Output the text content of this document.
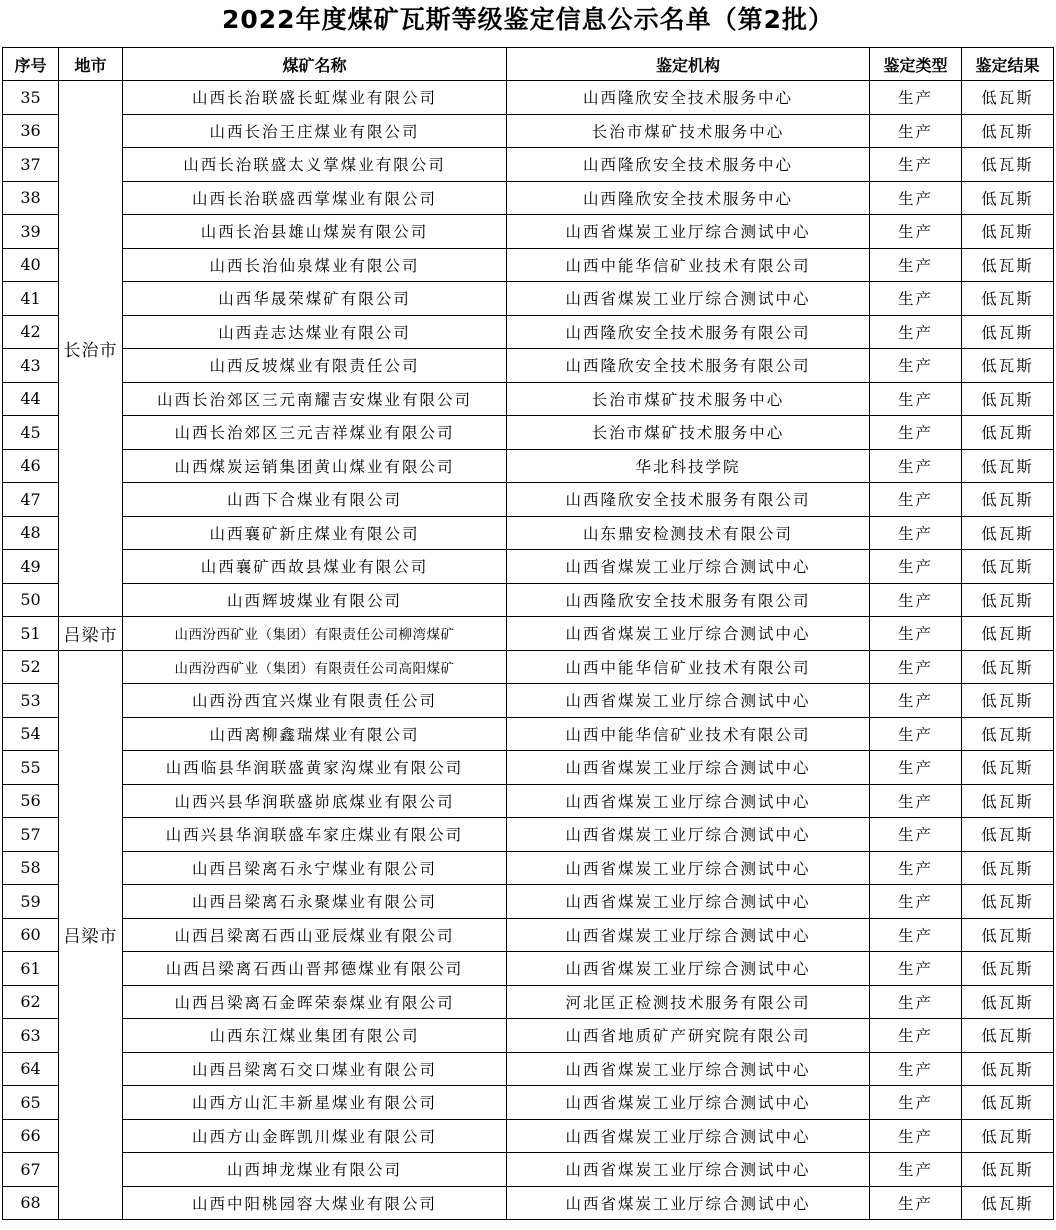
2022年度煤矿瓦斯等级鉴定信息公示名单（第2批）
序号	地市	煤矿名称	鉴定机构	鉴定类型	鉴定结果
35	长治市	山西长治联盛长虹煤业有限公司	山西隆欣安全技术服务中心	生产	低瓦斯
36		山西长治王庄煤业有限公司	长治市煤矿技术服务中心	生产	低瓦斯
37		山西长治联盛太义掌煤业有限公司	山西隆欣安全技术服务中心	生产	低瓦斯
38		山西长治联盛西掌煤业有限公司	山西隆欣安全技术服务中心	生产	低瓦斯
39		山西长治县雄山煤炭有限公司	山西省煤炭工业厅综合测试中心	生产	低瓦斯
40		山西长治仙泉煤业有限公司	山西中能华信矿业技术有限公司	生产	低瓦斯
41		山西华晟荣煤矿有限公司	山西省煤炭工业厅综合测试中心	生产	低瓦斯
42		山西垚志达煤业有限公司	山西隆欣安全技术服务有限公司	生产	低瓦斯
43		山西反坡煤业有限责任公司	山西隆欣安全技术服务有限公司	生产	低瓦斯
44		山西长治郊区三元南耀吉安煤业有限公司	长治市煤矿技术服务中心	生产	低瓦斯
45		山西长治郊区三元吉祥煤业有限公司	长治市煤矿技术服务中心	生产	低瓦斯
46		山西煤炭运销集团黄山煤业有限公司	华北科技学院	生产	低瓦斯
47		山西下合煤业有限公司	山西隆欣安全技术服务有限公司	生产	低瓦斯
48		山西襄矿新庄煤业有限公司	山东鼎安检测技术有限公司	生产	低瓦斯
49		山西襄矿西故县煤业有限公司	山西省煤炭工业厅综合测试中心	生产	低瓦斯
50		山西辉坡煤业有限公司	山西隆欣安全技术服务有限公司	生产	低瓦斯
51	吕梁市	山西汾西矿业（集团）有限责任公司柳湾煤矿	山西省煤炭工业厅综合测试中心	生产	低瓦斯
52	吕梁市	山西汾西矿业（集团）有限责任公司高阳煤矿	山西中能华信矿业技术有限公司	生产	低瓦斯
53		山西汾西宜兴煤业有限责任公司	山西省煤炭工业厅综合测试中心	生产	低瓦斯
54		山西离柳鑫瑞煤业有限公司	山西中能华信矿业技术有限公司	生产	低瓦斯
55		山西临县华润联盛黄家沟煤业有限公司	山西省煤炭工业厅综合测试中心	生产	低瓦斯
56		山西兴县华润联盛峁底煤业有限公司	山西省煤炭工业厅综合测试中心	生产	低瓦斯
57		山西兴县华润联盛车家庄煤业有限公司	山西省煤炭工业厅综合测试中心	生产	低瓦斯
58		山西吕梁离石永宁煤业有限公司	山西省煤炭工业厅综合测试中心	生产	低瓦斯
59		山西吕梁离石永聚煤业有限公司	山西省煤炭工业厅综合测试中心	生产	低瓦斯
60		山西吕梁离石西山亚辰煤业有限公司	山西省煤炭工业厅综合测试中心	生产	低瓦斯
61		山西吕梁离石西山晋邦德煤业有限公司	山西省煤炭工业厅综合测试中心	生产	低瓦斯
62		山西吕梁离石金晖荣泰煤业有限公司	河北匡正检测技术服务有限公司	生产	低瓦斯
63		山西东江煤业集团有限公司	山西省地质矿产研究院有限公司	生产	低瓦斯
64		山西吕梁离石交口煤业有限公司	山西省煤炭工业厅综合测试中心	生产	低瓦斯
65		山西方山汇丰新星煤业有限公司	山西省煤炭工业厅综合测试中心	生产	低瓦斯
66		山西方山金晖凯川煤业有限公司	山西省煤炭工业厅综合测试中心	生产	低瓦斯
67		山西坤龙煤业有限公司	山西省煤炭工业厅综合测试中心	生产	低瓦斯
68		山西中阳桃园容大煤业有限公司	山西省煤炭工业厅综合测试中心	生产	低瓦斯
